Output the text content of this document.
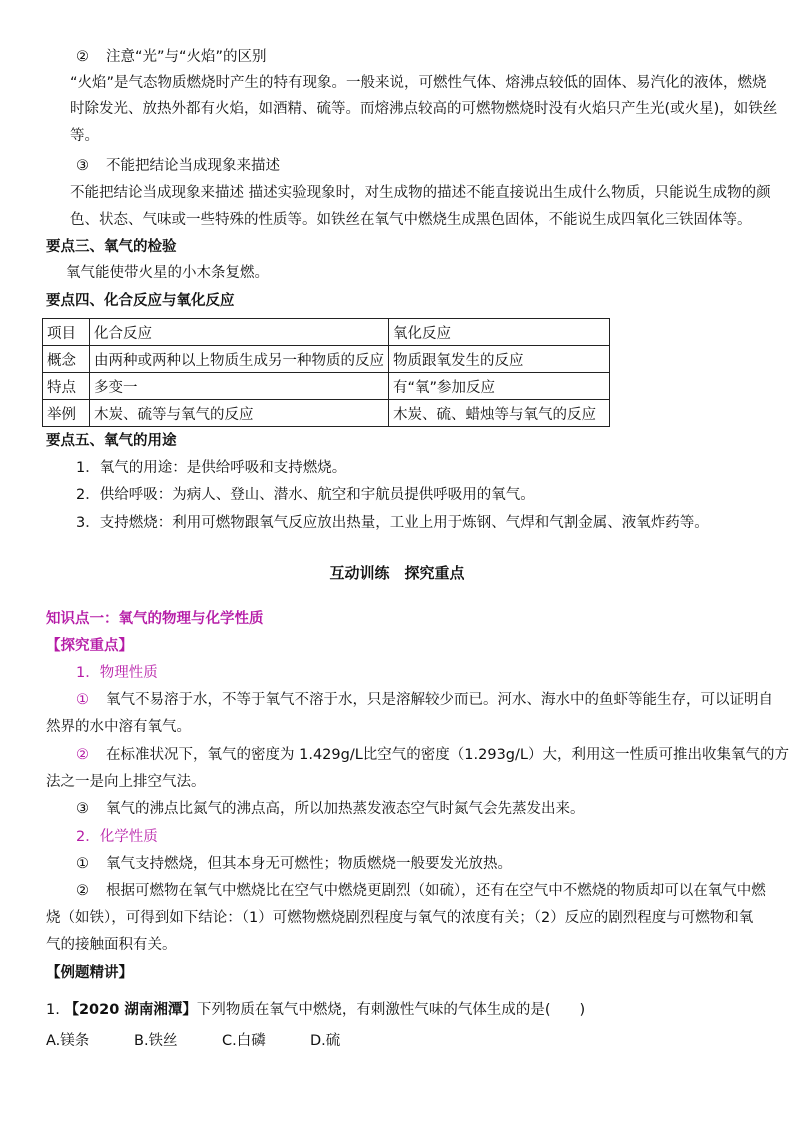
② 注意“光”与“火焰”的区别
“火焰”是气态物质燃烧时产生的特有现象。一般来说，可燃性气体、熔沸点较低的固体、易汽化的液体，燃烧
时除发光、放热外都有火焰，如酒精、硫等。而熔沸点较高的可燃物燃烧时没有火焰只产生光(或火星)，如铁丝
等。
③ 不能把结论当成现象来描述
不能把结论当成现象来描述 描述实验现象时，对生成物的描述不能直接说出生成什么物质，只能说生成物的颜
色、状态、气味或一些特殊的性质等。如铁丝在氧气中燃烧生成黑色固体，不能说生成四氧化三铁固体等。
要点三、氧气的检验
氧气能使带火星的小木条复燃。
要点四、化合反应与氧化反应
项目	化合反应	氧化反应
概念	由两种或两种以上物质生成另一种物质的反应	物质跟氧发生的反应
特点	多变一	有“氧”参加反应
举例	木炭、硫等与氧气的反应	木炭、硫、蜡烛等与氧气的反应
要点五、氧气的用途
1．氧气的用途：是供给呼吸和支持燃烧。
2．供给呼吸：为病人、登山、潜水、航空和宇航员提供呼吸用的氧气。
3．支持燃烧：利用可燃物跟氧气反应放出热量，工业上用于炼钢、气焊和气割金属、液氧炸药等。
互动训练　探究重点
知识点一：氧气的物理与化学性质
【探究重点】
1．物理性质
① 氧气不易溶于水，不等于氧气不溶于水，只是溶解较少而已。河水、海水中的鱼虾等能生存，可以证明自
然界的水中溶有氧气。
② 在标准状况下，氧气的密度为 1.429g/L比空气的密度（1.293g/L）大，利用这一性质可推出收集氧气的方
法之一是向上排空气法。
③ 氧气的沸点比氮气的沸点高，所以加热蒸发液态空气时氮气会先蒸发出来。
2．化学性质
① 氧气支持燃烧，但其本身无可燃性；物质燃烧一般要发光放热。
② 根据可燃物在氧气中燃烧比在空气中燃烧更剧烈（如硫），还有在空气中不燃烧的物质却可以在氧气中燃
烧（如铁），可得到如下结论：（1）可燃物燃烧剧烈程度与氧气的浓度有关；（2）反应的剧烈程度与可燃物和氧
气的接触面积有关。
【例题精讲】
1. 【2020 湖南湘潭】下列物质在氧气中燃烧，有刺激性气味的气体生成的是(　　)
A.镁条	B.铁丝	C.白磷	D.硫
